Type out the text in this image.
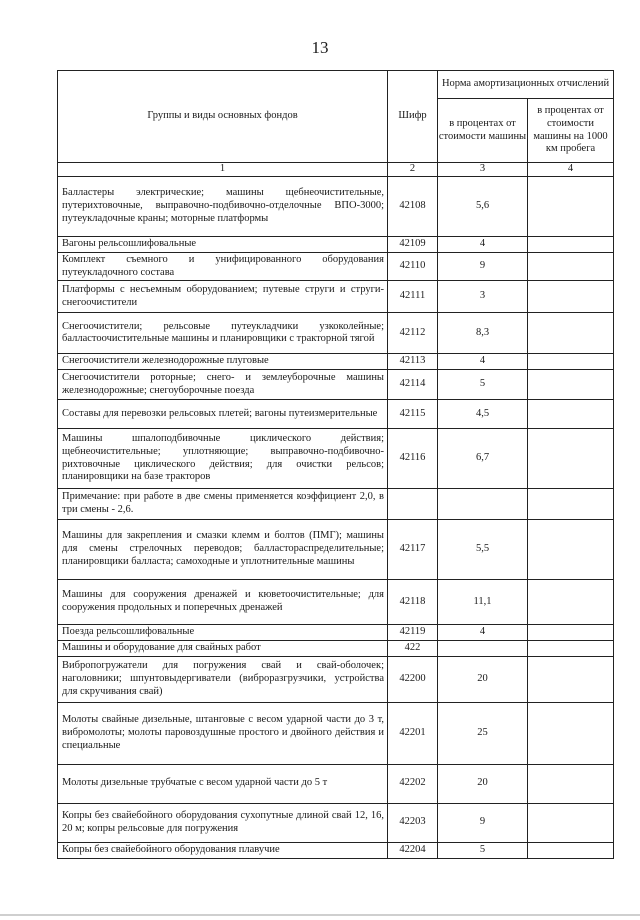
13
Группы и виды основных фондов	Шифр	Норма амортизационных отчислений	
		в процентах от стоимости машины	в процентах от стоимости машины на 1000 км пробега
1	2	3	4
Балластеры электрические; машины щебнеочистительные, путерихтовочные, выправочно-подбивочно-отделочные ВПО-3000; путеукладочные краны; моторные платформы	42108	5,6	
Вагоны рельсошлифовальные	42109	4	
Комплект съемного и унифицированного оборудования путеукладочного состава	42110	9	
Платформы с несъемным оборудованием; путевые струги и струги-снегоочистители	42111	3	
Снегоочистители; рельсовые путеукладчики узкоколейные; балластоочистительные машины и планировщики с тракторной тягой	42112	8,3	
Снегоочистители железнодорожные плуговые	42113	4	
Снегоочистители роторные; снего- и землеуборочные машины железнодорожные; снегоуборочные поезда	42114	5	
Составы для перевозки рельсовых плетей; вагоны путеизмерительные	42115	4,5	
Машины шпалоподбивочные циклического действия; щебнеочистительные; уплотняющие; выправочно-подбивочно-рихтовочные циклического действия; для очистки рельсов; планировщики на базе тракторов	42116	6,7	
Примечание: при работе в две смены применяется коэффициент 2,0, в три смены - 2,6.			
Машины для закрепления и смазки клемм и болтов (ПМГ); машины для смены стрелочных переводов; балластораспределительные; планировщики балласта; самоходные и уплотнительные машины	42117	5,5	
Машины для сооружения дренажей и кюветоочистительные; для сооружения продольных и поперечных дренажей	42118	11,1	
Поезда рельсошлифовальные	42119	4	
Машины и оборудование для свайных работ	422		
Вибропогружатели для погружения свай и свай-оболочек; наголовники; шпунтовыдергиватели (виброразгрузчики, устройства для скручивания свай)	42200	20	
Молоты свайные дизельные, штанговые с весом ударной части до 3 т, вибромолоты; молоты паровоздушные простого и двойного действия и специальные	42201	25	
Молоты дизельные трубчатые с весом ударной части до 5 т	42202	20	
Копры без свайебойного оборудования сухопутные длиной свай 12, 16, 20 м; копры рельсовые для погружения	42203	9	
Копры без свайебойного оборудования плавучие	42204	5	
